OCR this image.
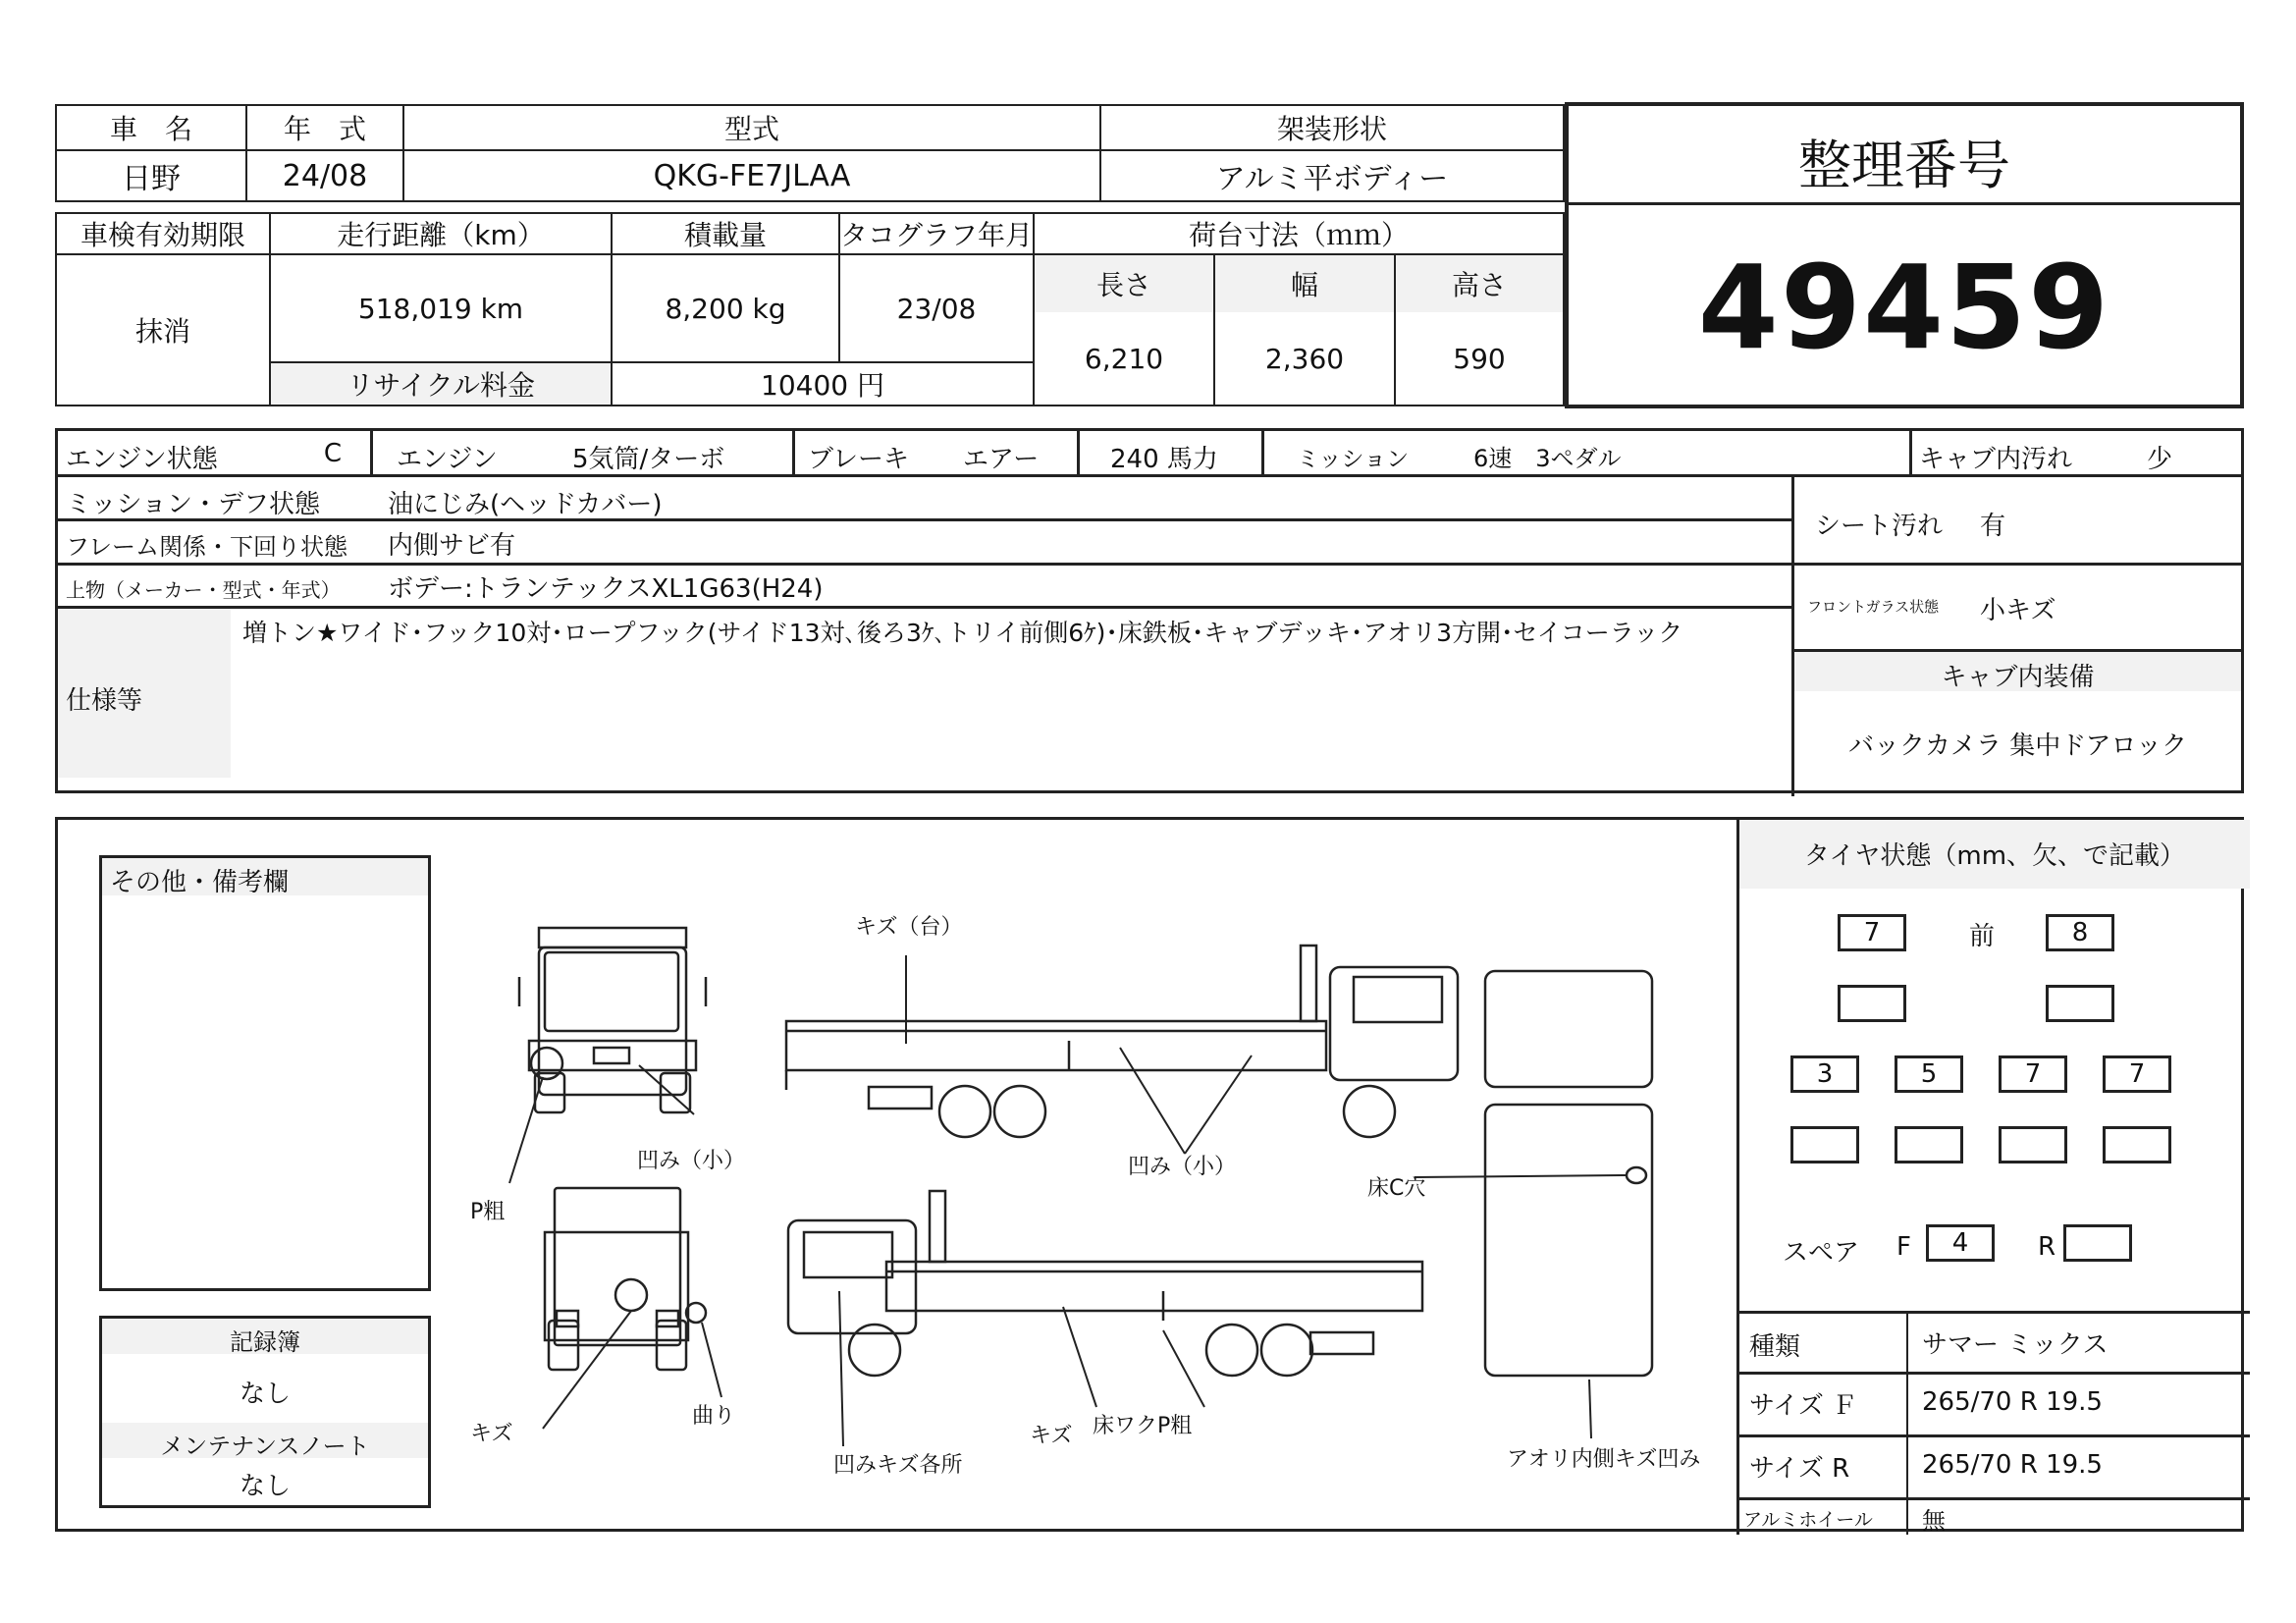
車　名	年　式	型式	架装形状
日野	24/08	QKG-FE7JLAA	アルミ平ボディー
車検有効期限	走行距離（km）	積載量	タコグラフ年月	荷台寸法（ｍｍ）		
抹消	518,019 km	8,200 kg	23/08	長さ	幅	高さ
				6,210	2,360	590
	リサイクル料金	10400 円				
整理番号
49459
エンジン状態	C	エンジン	5気筒/ターボ	ブレーキ エアー	240 馬力	ミッション	6速　3ペダル	キャブ内汚れ	少
ミッション・デフ状態	油にじみ(ヘッドカバー)
フレーム関係・下回り状態 内側サビ有
上物（メーカー・型式・年式） ボデー:トランテックスXL1G63(H24)
仕様等
増トン★ワイド･フック10対･ロープフック(サイド13対､後ろ3ｹ､トリイ前側6ｹ)･床鉄板･キャブデッキ･アオリ3方開･セイコーラック
シート汚れ 有
フロントガラス状態 小キズ
キャブ内装備
バックカメラ 集中ドアロック
その他・備考欄
記録簿
なし
メンテナンスノート
なし
凹み（小）
P粗
キズ（台）
凹み（小）
床C穴
キズ
曲り
凹みキズ各所
キズ 床ワクP粗
アオリ内側キズ凹み
タイヤ状態（mm、欠、で記載）
7	前	8
3	5	7	7
スペア F	4	R
種類	サマー ミックス
サイズ Ｆ	265/70 R 19.5
サイズ R	265/70 R 19.5
アルミホイール 無
